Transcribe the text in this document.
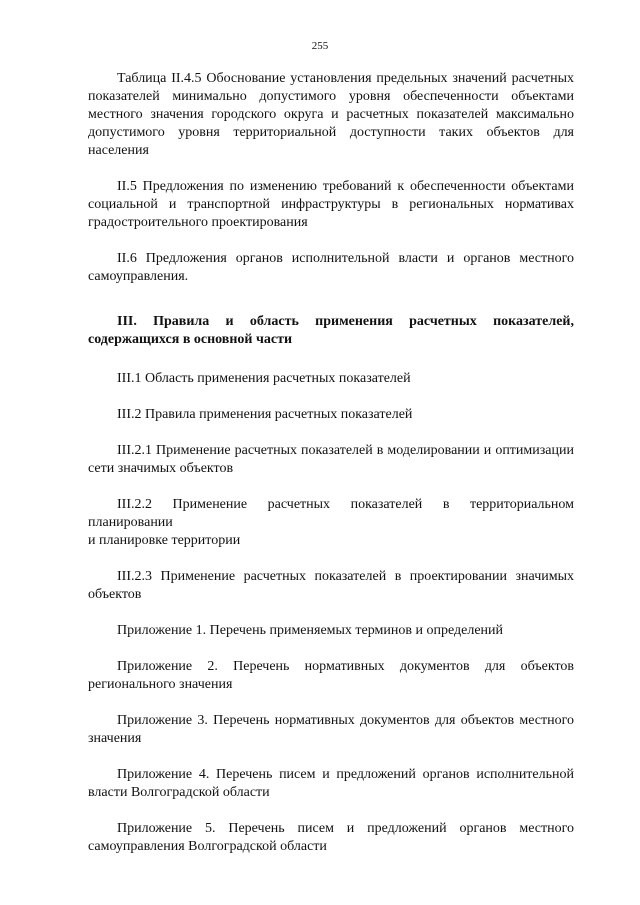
255

Таблица II.4.5 Обоснование установления предельных значений расчетных показателей минимально допустимого уровня обеспеченности объектами местного значения городского округа и расчетных показателей максимально допустимого уровня территориальной доступности таких объектов для населения

II.5 Предложения по изменению требований к обеспеченности объектами социальной и транспортной инфраструктуры в региональных нормативах градостроительного проектирования

II.6 Предложения органов исполнительной власти и органов местного самоуправления.

III. Правила и область применения расчетных показателей, содержащихся в основной части

III.1 Область применения расчетных показателей

III.2 Правила применения расчетных показателей

III.2.1 Применение расчетных показателей в моделировании и оптимизации сети значимых объектов

III.2.2 Применение расчетных показателей в территориальном планировании

и планировке территории

III.2.3 Применение расчетных показателей в проектировании значимых объектов

Приложение 1. Перечень применяемых терминов и определений

Приложение 2. Перечень нормативных документов для объектов регионального значения

Приложение 3. Перечень нормативных документов для объектов местного значения

Приложение 4. Перечень писем и предложений органов исполнительной власти Волгоградской области

Приложение 5. Перечень писем и предложений органов местного самоуправления Волгоградской области
